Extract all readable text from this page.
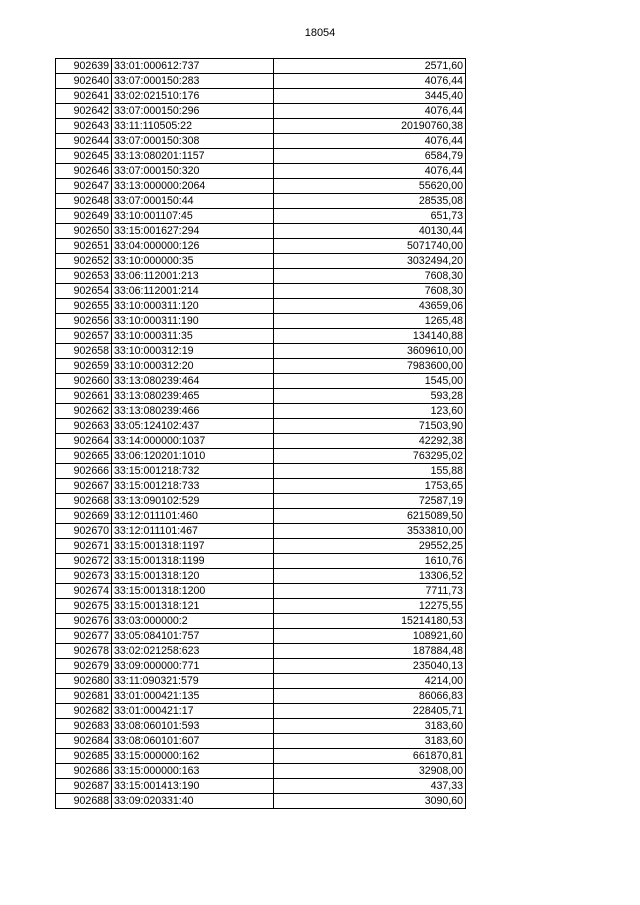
18054
902639	33:01:000612:737	2571,60
902640	33:07:000150:283	4076,44
902641	33:02:021510:176	3445,40
902642	33:07:000150:296	4076,44
902643	33:11:110505:22	20190760,38
902644	33:07:000150:308	4076,44
902645	33:13:080201:1157	6584,79
902646	33:07:000150:320	4076,44
902647	33:13:000000:2064	55620,00
902648	33:07:000150:44	28535,08
902649	33:10:001107:45	651,73
902650	33:15:001627:294	40130,44
902651	33:04:000000:126	5071740,00
902652	33:10:000000:35	3032494,20
902653	33:06:112001:213	7608,30
902654	33:06:112001:214	7608,30
902655	33:10:000311:120	43659,06
902656	33:10:000311:190	1265,48
902657	33:10:000311:35	134140,88
902658	33:10:000312:19	3609610,00
902659	33:10:000312:20	7983600,00
902660	33:13:080239:464	1545,00
902661	33:13:080239:465	593,28
902662	33:13:080239:466	123,60
902663	33:05:124102:437	71503,90
902664	33:14:000000:1037	42292,38
902665	33:06:120201:1010	763295,02
902666	33:15:001218:732	155,88
902667	33:15:001218:733	1753,65
902668	33:13:090102:529	72587,19
902669	33:12:011101:460	6215089,50
902670	33:12:011101:467	3533810,00
902671	33:15:001318:1197	29552,25
902672	33:15:001318:1199	1610,76
902673	33:15:001318:120	13306,52
902674	33:15:001318:1200	7711,73
902675	33:15:001318:121	12275,55
902676	33:03:000000:2	15214180,53
902677	33:05:084101:757	108921,60
902678	33:02:021258:623	187884,48
902679	33:09:000000:771	235040,13
902680	33:11:090321:579	4214,00
902681	33:01:000421:135	86066,83
902682	33:01:000421:17	228405,71
902683	33:08:060101:593	3183,60
902684	33:08:060101:607	3183,60
902685	33:15:000000:162	661870,81
902686	33:15:000000:163	32908,00
902687	33:15:001413:190	437,33
902688	33:09:020331:40	3090,60
